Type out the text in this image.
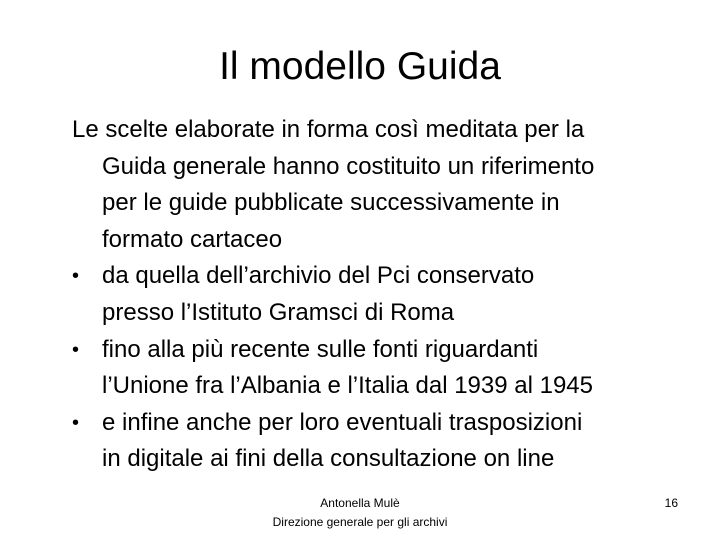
Il modello Guida

Le scelte elaborate in forma così meditata per la
Guida generale hanno costituito un riferimento
per le guide pubblicate successivamente in
formato cartaceo

• da quella dell’archivio del Pci conservato
presso l’Istituto Gramsci di Roma
• fino alla più recente sulle fonti riguardanti
l’Unione fra l’Albania e l’Italia dal 1939 al 1945
• e infine anche per loro eventuali trasposizioni
in digitale ai fini della consultazione on line
Antonella Mulè
Direzione generale per gli archivi
16
